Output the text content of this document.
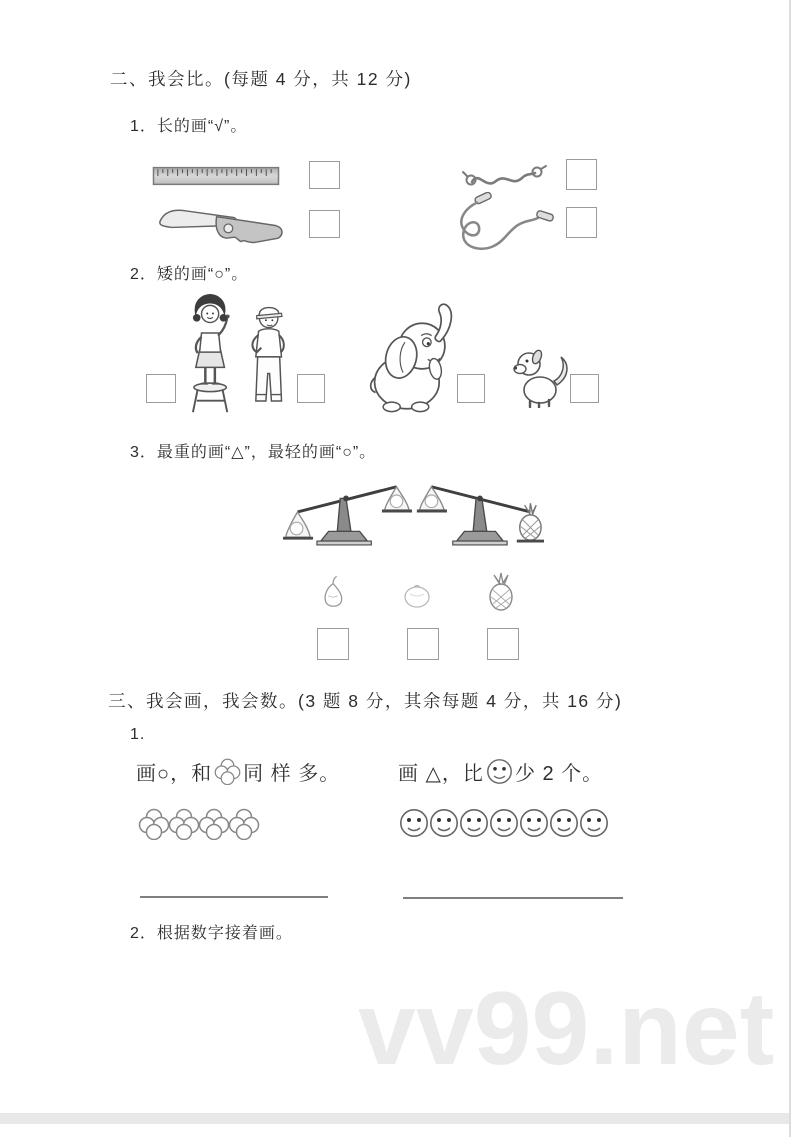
vv99.net
二、我会比。(每题 4 分，共 12 分)
1．长的画“√”。
2．矮的画“○”。
3．最重的画“△”，最轻的画“○”。
三、我会画，我会数。(3 题 8 分，其余每题 4 分，共 16 分)
1.
画○，和 同 样 多。	画 △，比 少 2 个。
2．根据数字接着画。
